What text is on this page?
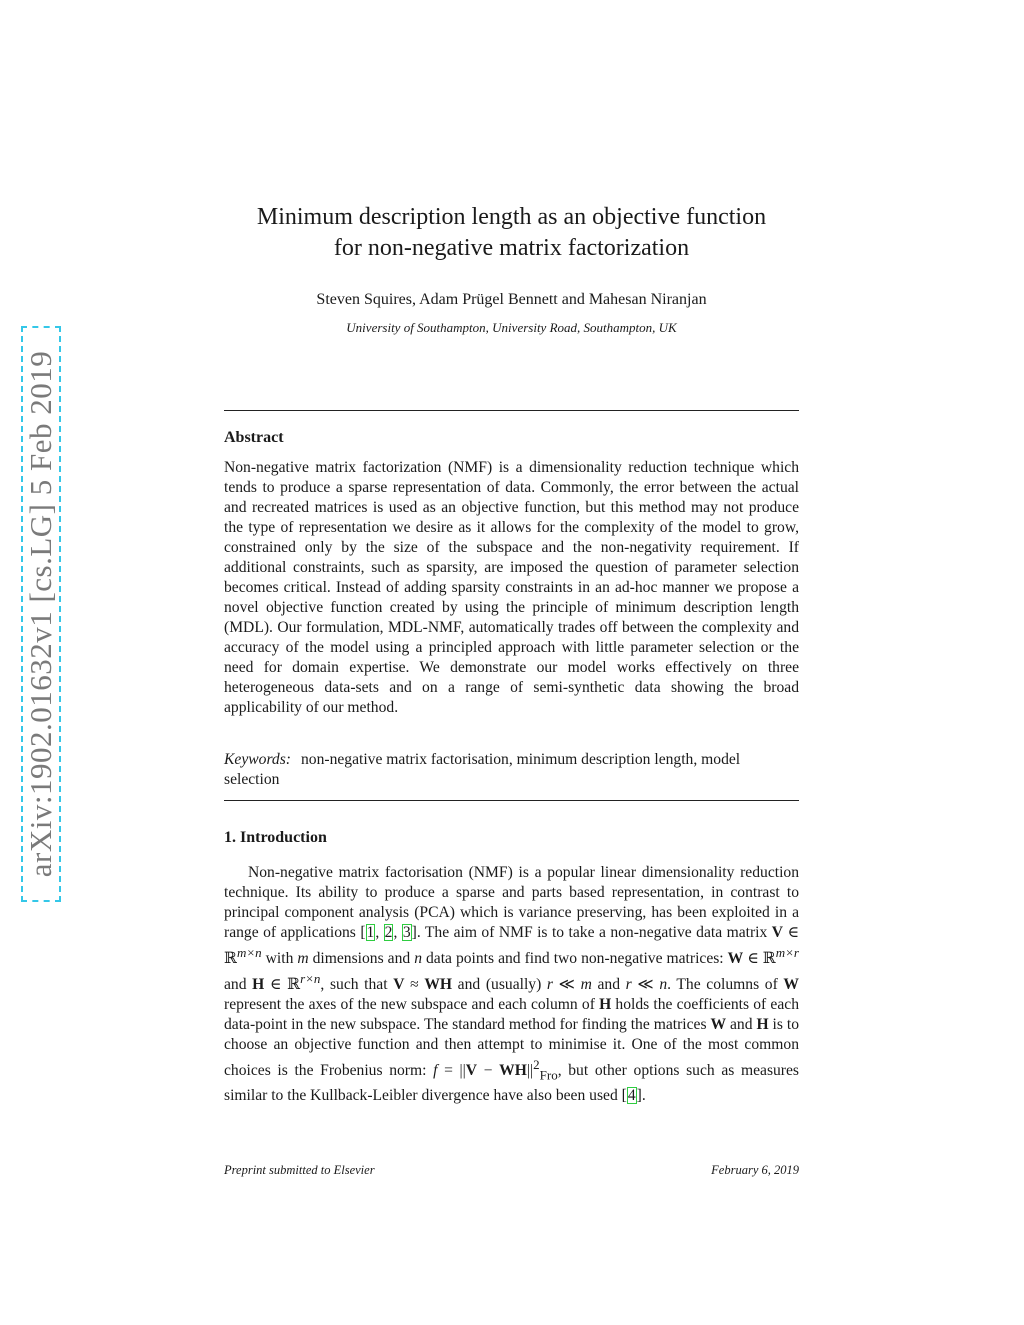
arXiv:1902.01632v1 [cs.LG] 5 Feb 2019
Minimum description length as an objective function
for non-negative matrix factorization
Steven Squires, Adam Prügel Bennett and Mahesan Niranjan
University of Southampton, University Road, Southampton, UK
Abstract

Non-negative matrix factorization (NMF) is a dimensionality reduction technique which tends to produce a sparse representation of data. Commonly, the error between the actual and recreated matrices is used as an objective function, but this method may not produce the type of representation we desire as it allows for the complexity of the model to grow, constrained only by the size of the subspace and the non-negativity requirement. If additional constraints, such as sparsity, are imposed the question of parameter selection becomes critical. Instead of adding sparsity constraints in an ad-hoc manner we propose a novel objective function created by using the principle of minimum description length (MDL). Our formulation, MDL-NMF, automatically trades off between the complexity and accuracy of the model using a principled approach with little parameter selection or the need for domain expertise. We demonstrate our model works effectively on three heterogeneous data-sets and on a range of semi-synthetic data showing the broad applicability of our method.

Keywords: non-negative matrix factorisation, minimum description length, model selection

1. Introduction

Non-negative matrix factorisation (NMF) is a popular linear dimensionality reduction technique. Its ability to produce a sparse and parts based representation, in contrast to principal component analysis (PCA) which is variance preserving, has been exploited in a range of applications [1, 2, 3]. The aim of NMF is to take a non-negative data matrix V ∈ ℝ$^{m\times n}$ with m dimensions and n data points and find two non-negative matrices: W ∈ ℝ$^{m\times r}$ and H ∈ ℝ$^{r\times n}$, such that V ≈ WH and (usually) r ≪ m and r ≪ n. The columns of W represent the axes of the new subspace and each column of H holds the coefficients of each data-point in the new subspace. The standard method for finding the matrices W and H is to choose an objective function and then attempt to minimise it. One of the most common choices is the Frobenius norm: $f = ||V - WH||^2_{Fro}$, but other options such as measures similar to the Kullback-Leibler divergence have also been used [4].

Preprint submitted to Elsevier	February 6, 2019
